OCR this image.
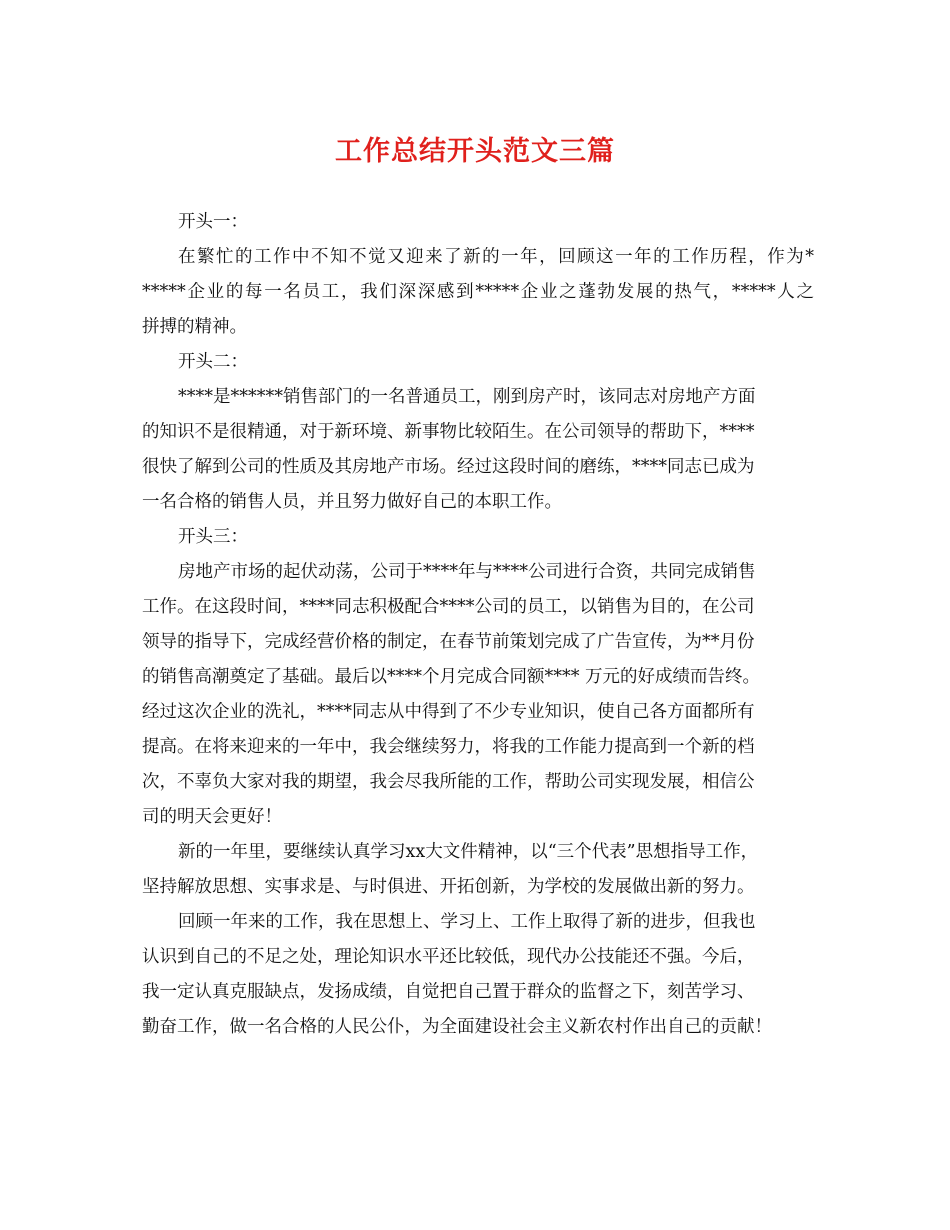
工作总结开头范文三篇
开头一：
在繁忙的工作中不知不觉又迎来了新的一年，回顾这一年的工作历程，作为*
*****企业的每一名员工，我们深深感到*****企业之蓬勃发展的热气，*****人之
拼搏的精神。
开头二：
****是******销售部门的一名普通员工，刚到房产时，该同志对房地产方面
的知识不是很精通，对于新环境、新事物比较陌生。在公司领导的帮助下，****
很快了解到公司的性质及其房地产市场。经过这段时间的磨练，****同志已成为
一名合格的销售人员，并且努力做好自己的本职工作。
开头三：
房地产市场的起伏动荡，公司于****年与****公司进行合资，共同完成销售
工作。在这段时间，****同志积极配合****公司的员工，以销售为目的，在公司
领导的指导下，完成经营价格的制定，在春节前策划完成了广告宣传，为**月份
的销售高潮奠定了基础。最后以****个月完成合同额**** 万元的好成绩而告终。
经过这次企业的洗礼，****同志从中得到了不少专业知识，使自己各方面都所有
提高。在将来迎来的一年中，我会继续努力，将我的工作能力提高到一个新的档
次，不辜负大家对我的期望，我会尽我所能的工作，帮助公司实现发展，相信公
司的明天会更好！
新的一年里，要继续认真学习xx大文件精神，以“三个代表”思想指导工作，
坚持解放思想、实事求是、与时俱进、开拓创新，为学校的发展做出新的努力。
回顾一年来的工作，我在思想上、学习上、工作上取得了新的进步，但我也
认识到自己的不足之处，理论知识水平还比较低，现代办公技能还不强。今后，
我一定认真克服缺点，发扬成绩，自觉把自己置于群众的监督之下，刻苦学习、
勤奋工作，做一名合格的人民公仆，为全面建设社会主义新农村作出自己的贡献！
